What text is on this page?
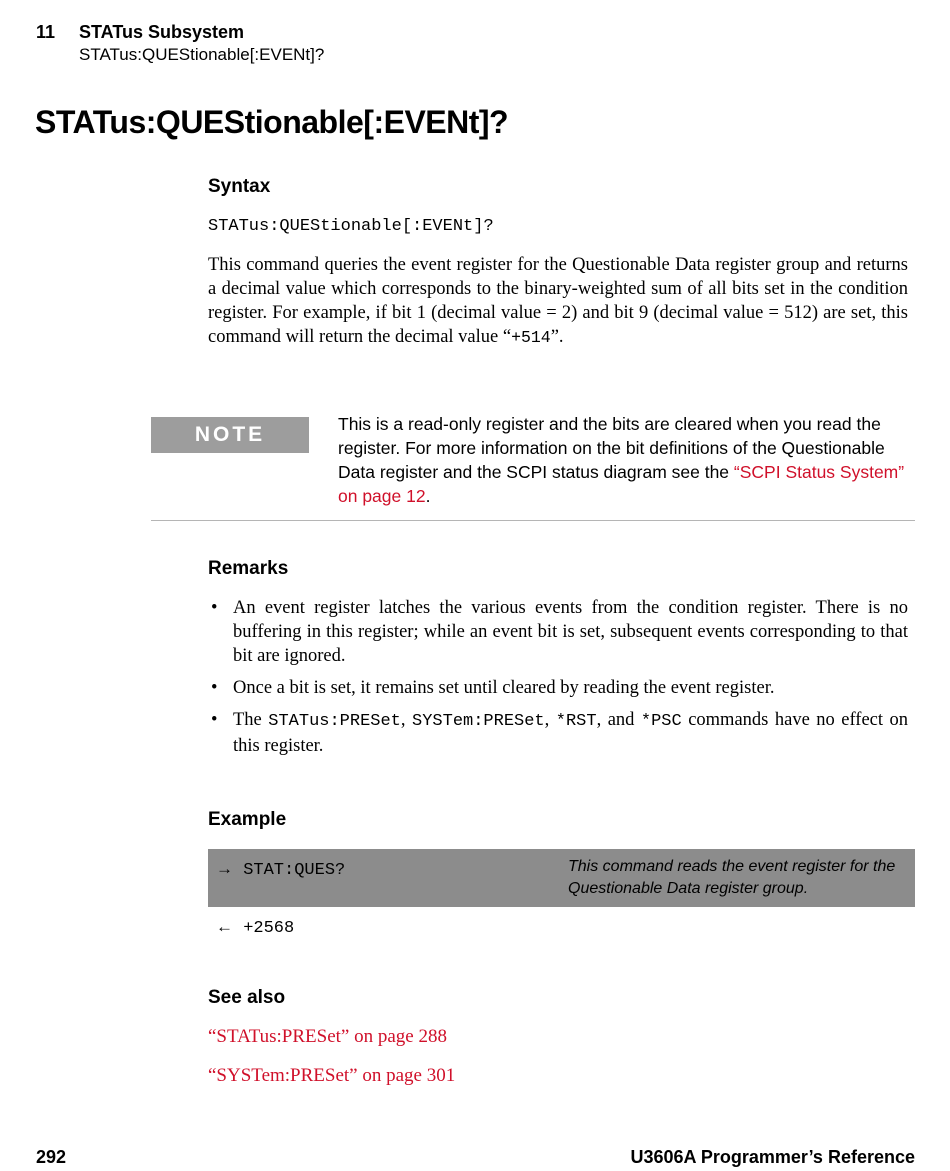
11 STATus Subsystem
STATus:QUEStionable[:EVENt]?
STATus:QUEStionable[:EVENt]?
Syntax
STATus:QUEStionable[:EVENt]?
This command queries the event register for the Questionable Data register group and returns a decimal value which corresponds to the binary-weighted sum of all bits set in the condition register. For example, if bit 1 (decimal value = 2) and bit 9 (decimal value = 512) are set, this command will return the decimal value “+514”.
NOTE	This is a read-only register and the bits are cleared when you read the register. For more information on the bit definitions of the Questionable Data register and the SCPI status diagram see the “SCPI Status System” on page 12.
Remarks
• An event register latches the various events from the condition register. There is no buffering in this register; while an event bit is set, subsequent events corresponding to that bit are ignored.
• Once a bit is set, it remains set until cleared by reading the event register.
• The STATus:PRESet, SYSTem:PRESet, *RST, and *PSC commands have no effect on this register.
Example
→ STAT:QUES?	This command reads the event register for the Questionable Data register group.
← +2568
See also
“STATus:PRESet” on page 288
“SYSTem:PRESet” on page 301
292	U3606A Programmer’s Reference
